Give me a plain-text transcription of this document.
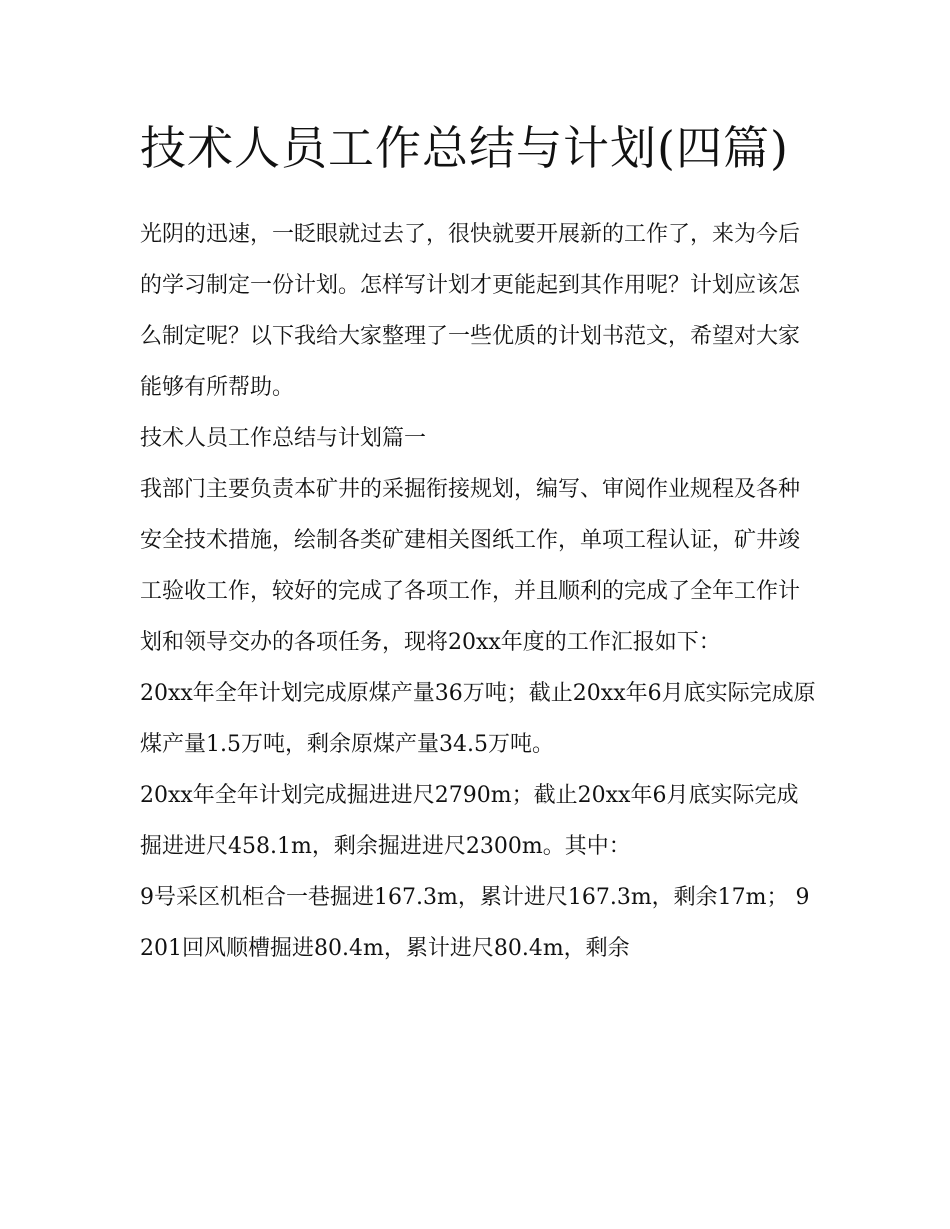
技术人员工作总结与计划(四篇)

光阴的迅速，一眨眼就过去了，很快就要开展新的工作了，来为今后的学习制定一份计划。怎样写计划才更能起到其作用呢？计划应该怎么制定呢？以下我给大家整理了一些优质的计划书范文，希望对大家能够有所帮助。

技术人员工作总结与计划篇一

我部门主要负责本矿井的采掘衔接规划，编写、审阅作业规程及各种安全技术措施，绘制各类矿建相关图纸工作，单项工程认证，矿井竣工验收工作，较好的完成了各项工作，并且顺利的完成了全年工作计划和领导交办的各项任务，现将20xx年度的工作汇报如下：

20xx年全年计划完成原煤产量36万吨；截止20xx年6月底实际完成原煤产量1.5万吨，剩余原煤产量34.5万吨。

20xx年全年计划完成掘进进尺2790m；截止20xx年6月底实际完成掘进进尺458.1m，剩余掘进进尺2300m。其中：

9号采区机柜合一巷掘进167.3m，累计进尺167.3m，剩余17m； 9201回风顺槽掘进80.4m，累计进尺80.4m，剩余
